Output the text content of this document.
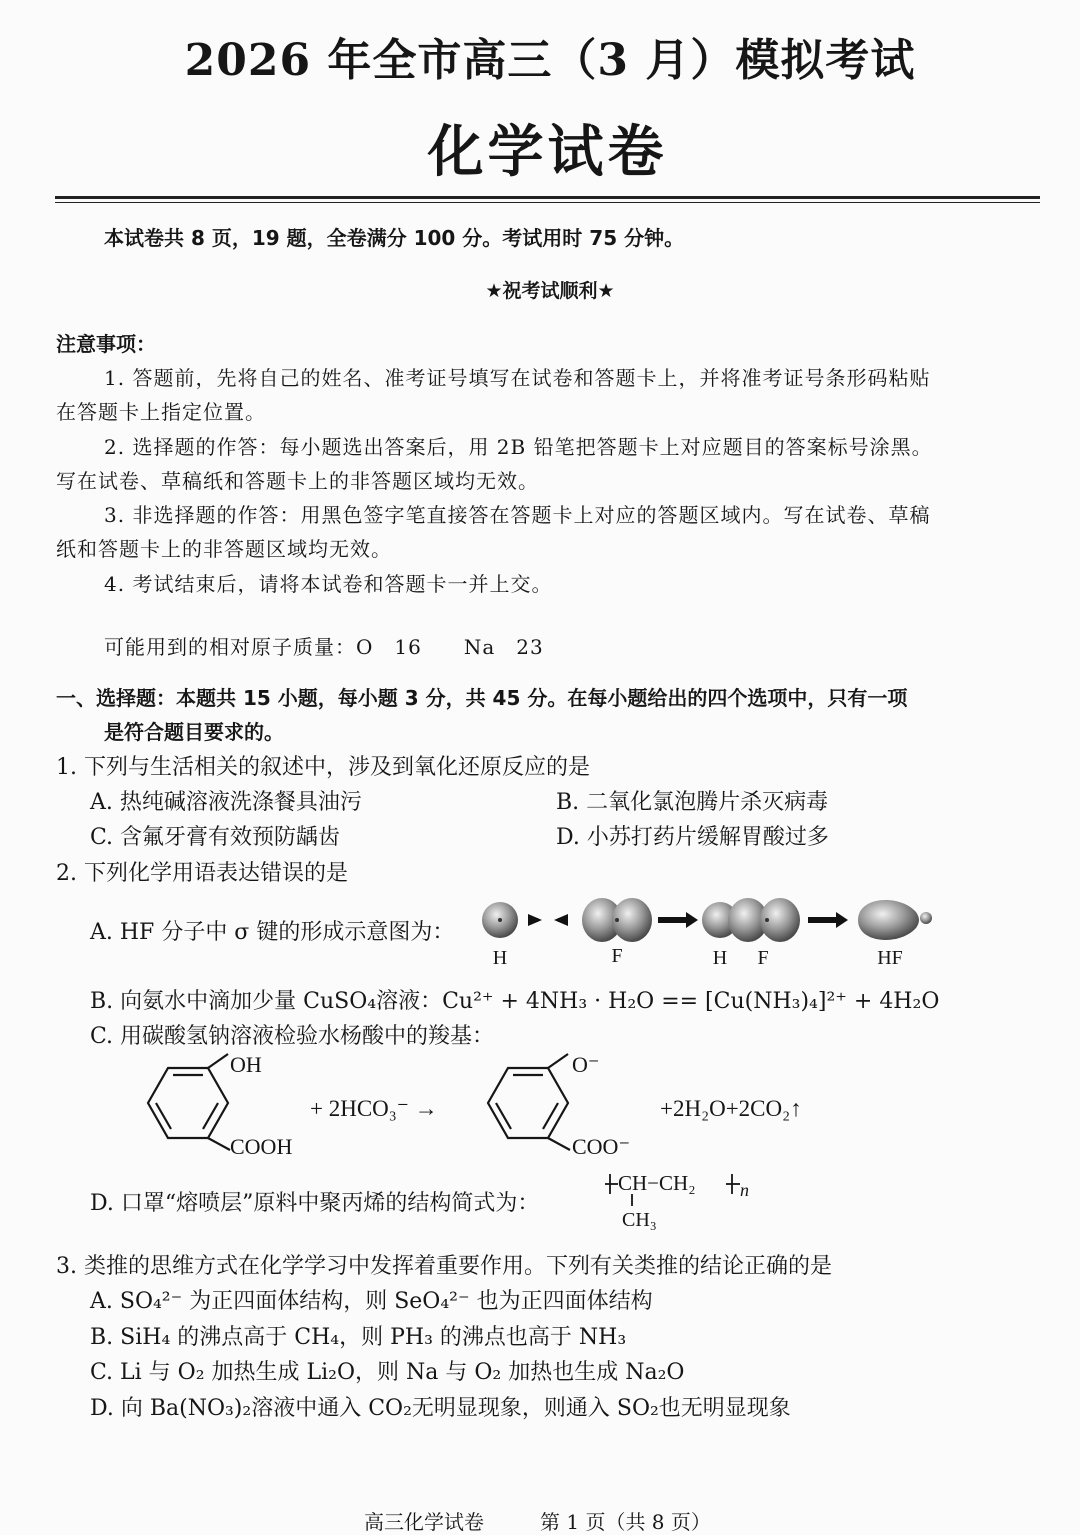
2026 年全市高三（3 月）模拟考试
化学试卷
本试卷共 8 页，19 题，全卷满分 100 分。考试用时 75 分钟。
★祝考试顺利★
注意事项：
1. 答题前，先将自己的姓名、准考证号填写在试卷和答题卡上，并将准考证号条形码粘贴
在答题卡上指定位置。
2. 选择题的作答：每小题选出答案后，用 2B 铅笔把答题卡上对应题目的答案标号涂黑。
写在试卷、草稿纸和答题卡上的非答题区域均无效。
3. 非选择题的作答：用黑色签字笔直接答在答题卡上对应的答题区域内。写在试卷、草稿
纸和答题卡上的非答题区域均无效。
4. 考试结束后，请将本试卷和答题卡一并上交。
可能用到的相对原子质量：O　16　　Na　23
一、选择题：本题共 15 小题，每小题 3 分，共 45 分。在每小题给出的四个选项中，只有一项
是符合题目要求的。
1. 下列与生活相关的叙述中，涉及到氧化还原反应的是
A. 热纯碱溶液洗涤餐具油污	B. 二氧化氯泡腾片杀灭病毒
C. 含氟牙膏有效预防龋齿	D. 小苏打药片缓解胃酸过多
2. 下列化学用语表达错误的是
A. HF 分子中 σ 键的形成示意图为：
H	F	H F	HF
B. 向氨水中滴加少量 CuSO₄溶液：Cu²⁺ + 4NH₃ · H₂O == [Cu(NH₃)₄]²⁺ + 4H₂O
C. 用碳酸氢钠溶液检验水杨酸中的羧基：
OH
COOH
+ 2HCO₃⁻ →
O⁻
COO⁻
+2H₂O+2CO₂↑
D. 口罩“熔喷层”原料中聚丙烯的结构简式为：
CH−CH₂ n
CH₃
3. 类推的思维方式在化学学习中发挥着重要作用。下列有关类推的结论正确的是
A. SO₄²⁻ 为正四面体结构，则 SeO₄²⁻ 也为正四面体结构
B. SiH₄ 的沸点高于 CH₄，则 PH₃ 的沸点也高于 NH₃
C. Li 与 O₂ 加热生成 Li₂O，则 Na 与 O₂ 加热也生成 Na₂O
D. 向 Ba(NO₃)₂溶液中通入 CO₂无明显现象，则通入 SO₂也无明显现象
高三化学试卷	第 1 页（共 8 页）
